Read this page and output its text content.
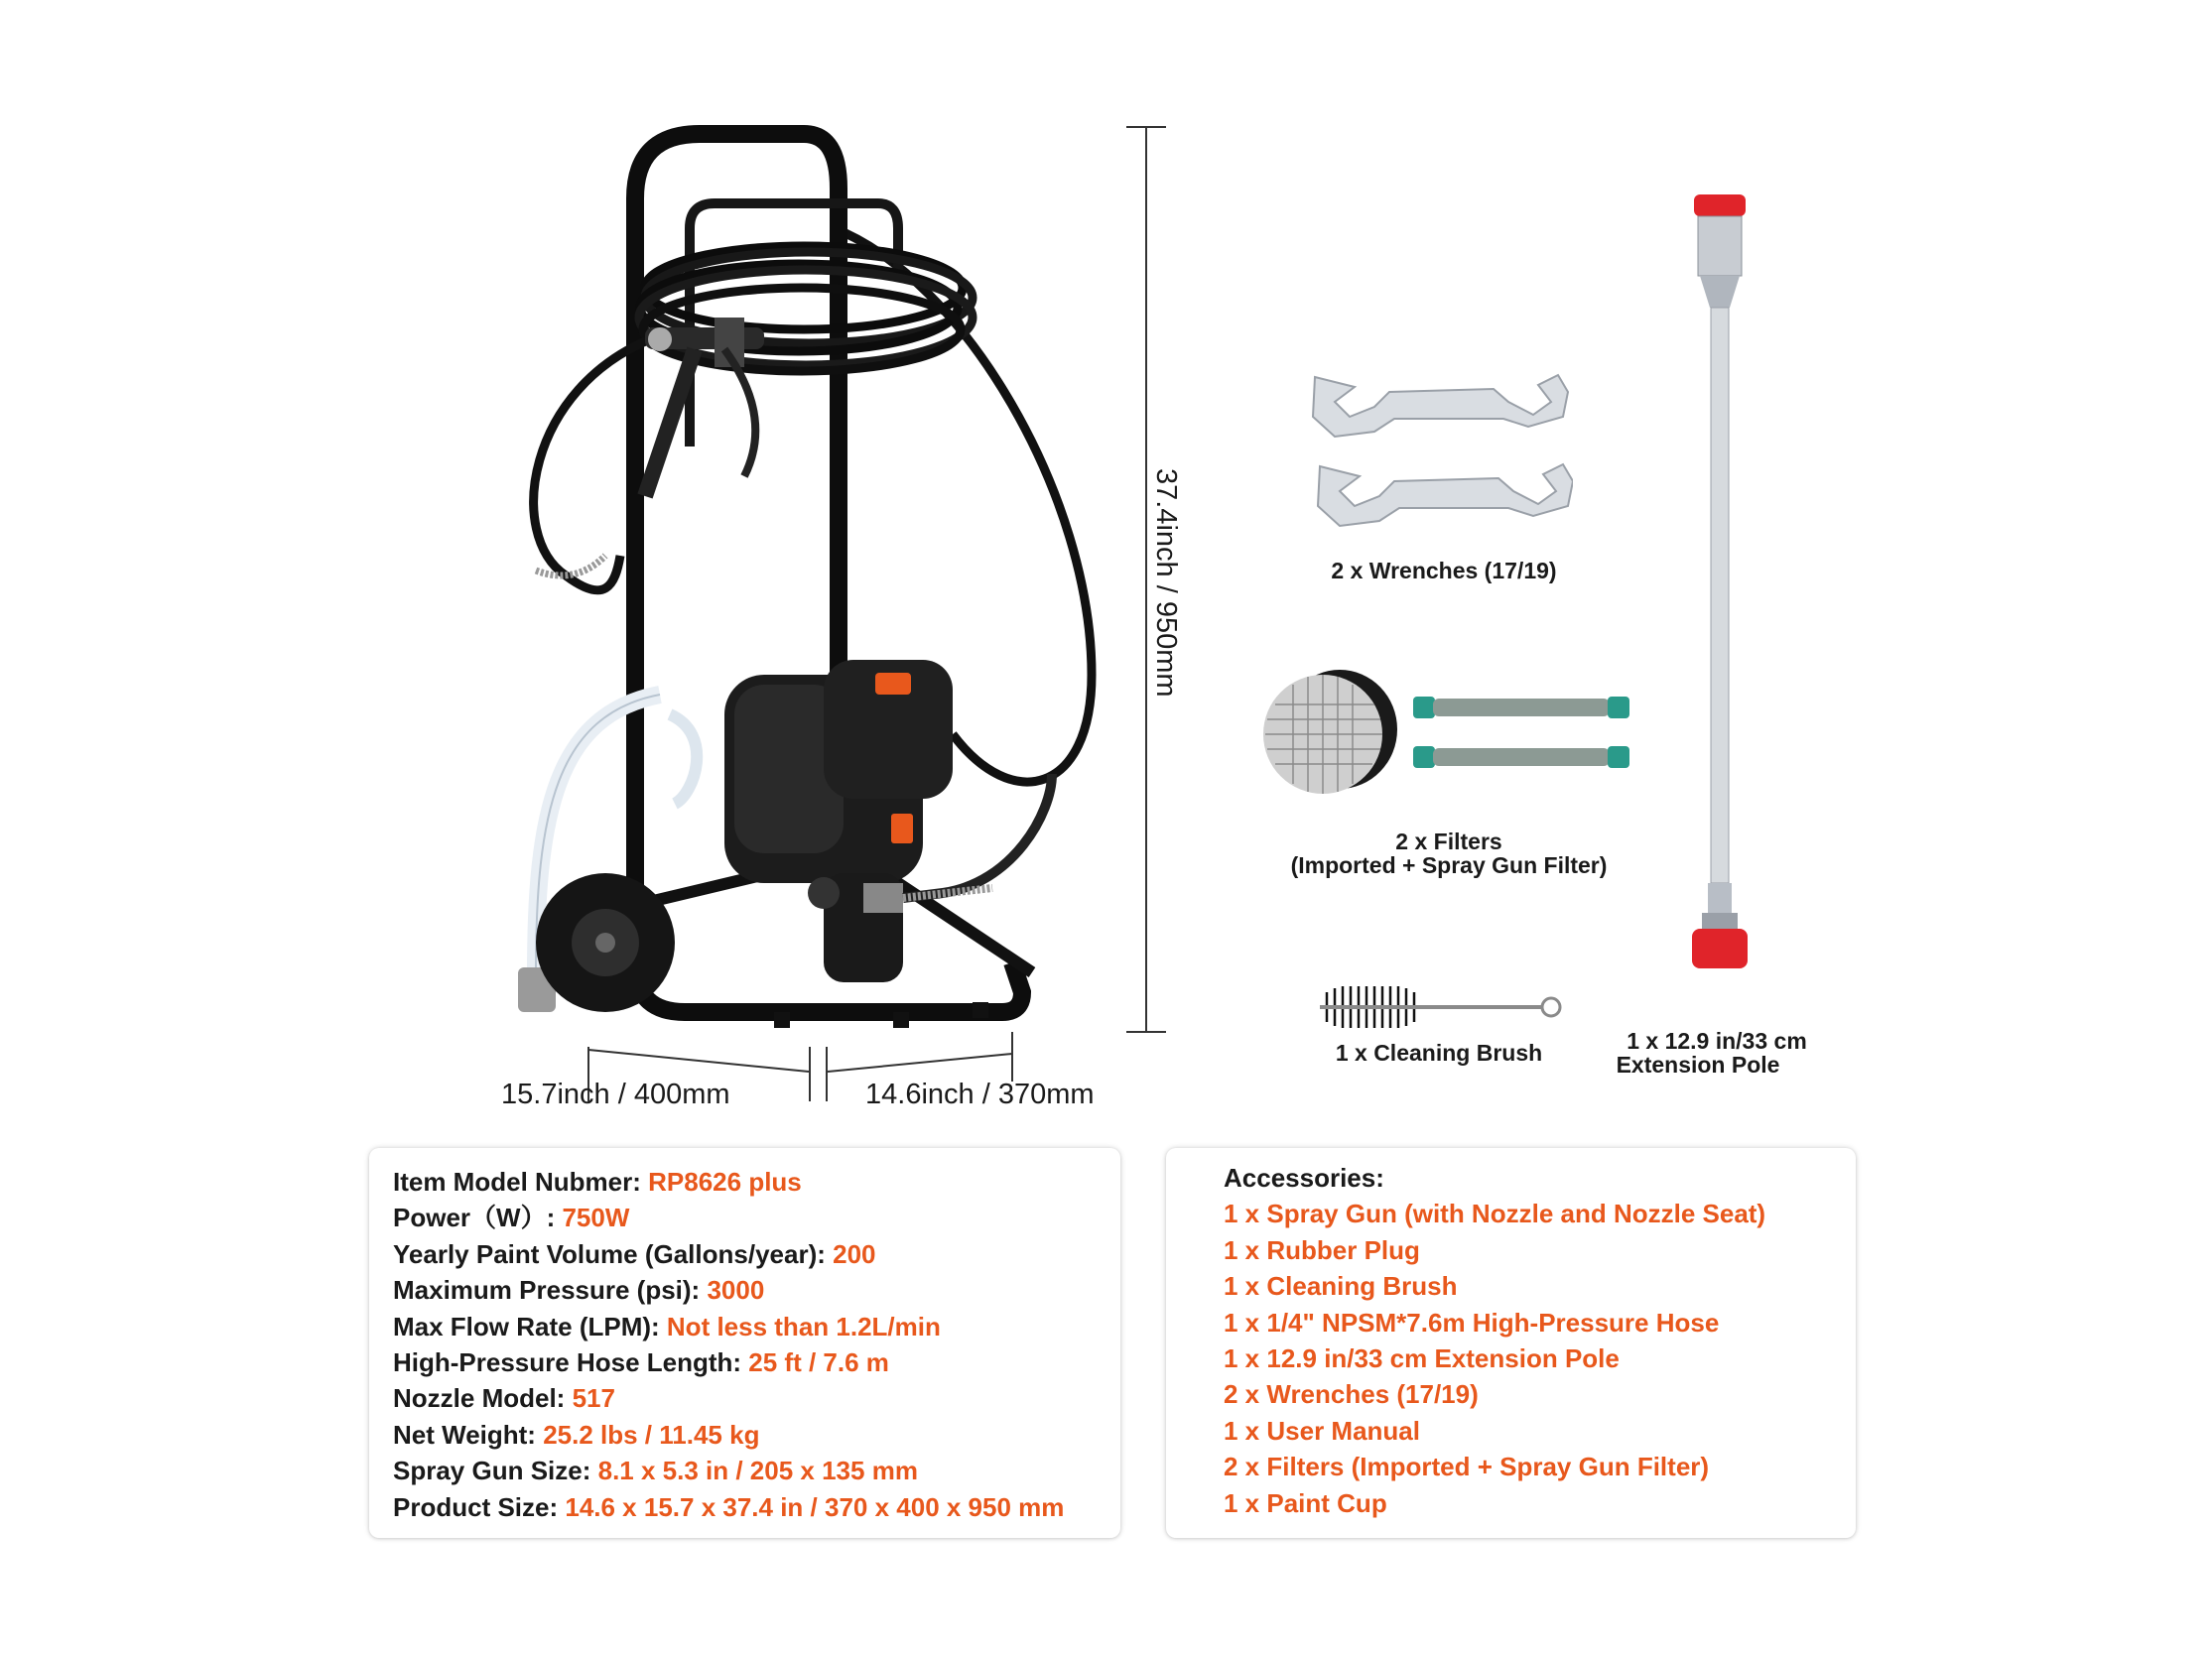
37.4inch / 950mm
15.7inch / 400mm	14.6inch / 370mm
2 x Wrenches (17/19)
2 x Filters
(Imported + Spray Gun Filter)
1 x Cleaning Brush	1 x 12.9 in/33 cm
Extension Pole
Item Model Nubmer: RP8626 plus
Power（W）: 750W
Yearly Paint Volume (Gallons/year): 200
Maximum Pressure (psi): 3000
Max Flow Rate (LPM): Not less than 1.2L/min
High-Pressure Hose Length: 25 ft / 7.6 m
Nozzle Model: 517
Net Weight: 25.2 lbs / 11.45 kg
Spray Gun Size: 8.1 x 5.3 in / 205 x 135 mm
Product Size: 14.6 x 15.7 x 37.4 in / 370 x 400 x 950 mm
Accessories:
1 x Spray Gun (with Nozzle and Nozzle Seat)
1 x Rubber Plug
1 x Cleaning Brush
1 x 1/4" NPSM*7.6m High-Pressure Hose
1 x 12.9 in/33 cm Extension Pole
2 x Wrenches (17/19)
1 x User Manual
2 x Filters (Imported + Spray Gun Filter)
1 x Paint Cup
